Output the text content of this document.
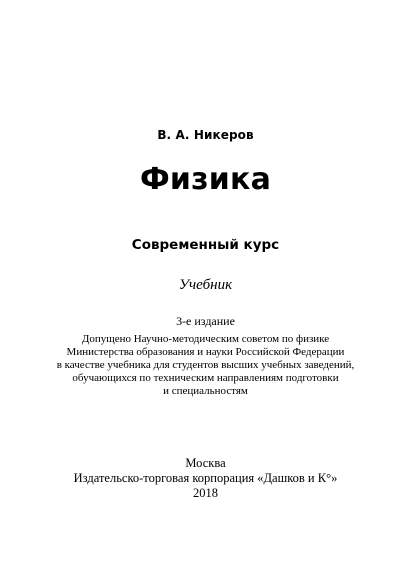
В. А. Никеров
Физика
Современный курс
Учебник
3-е издание
Допущено Научно-методическим советом по физике
Министерства образования и науки Российской Федерации
в качестве учебника для студентов высших учебных заведений,
обучающихся по техническим направлениям подготовки
и специальностям
Москва
Издательско-торговая корпорация «Дашков и К°»
2018
